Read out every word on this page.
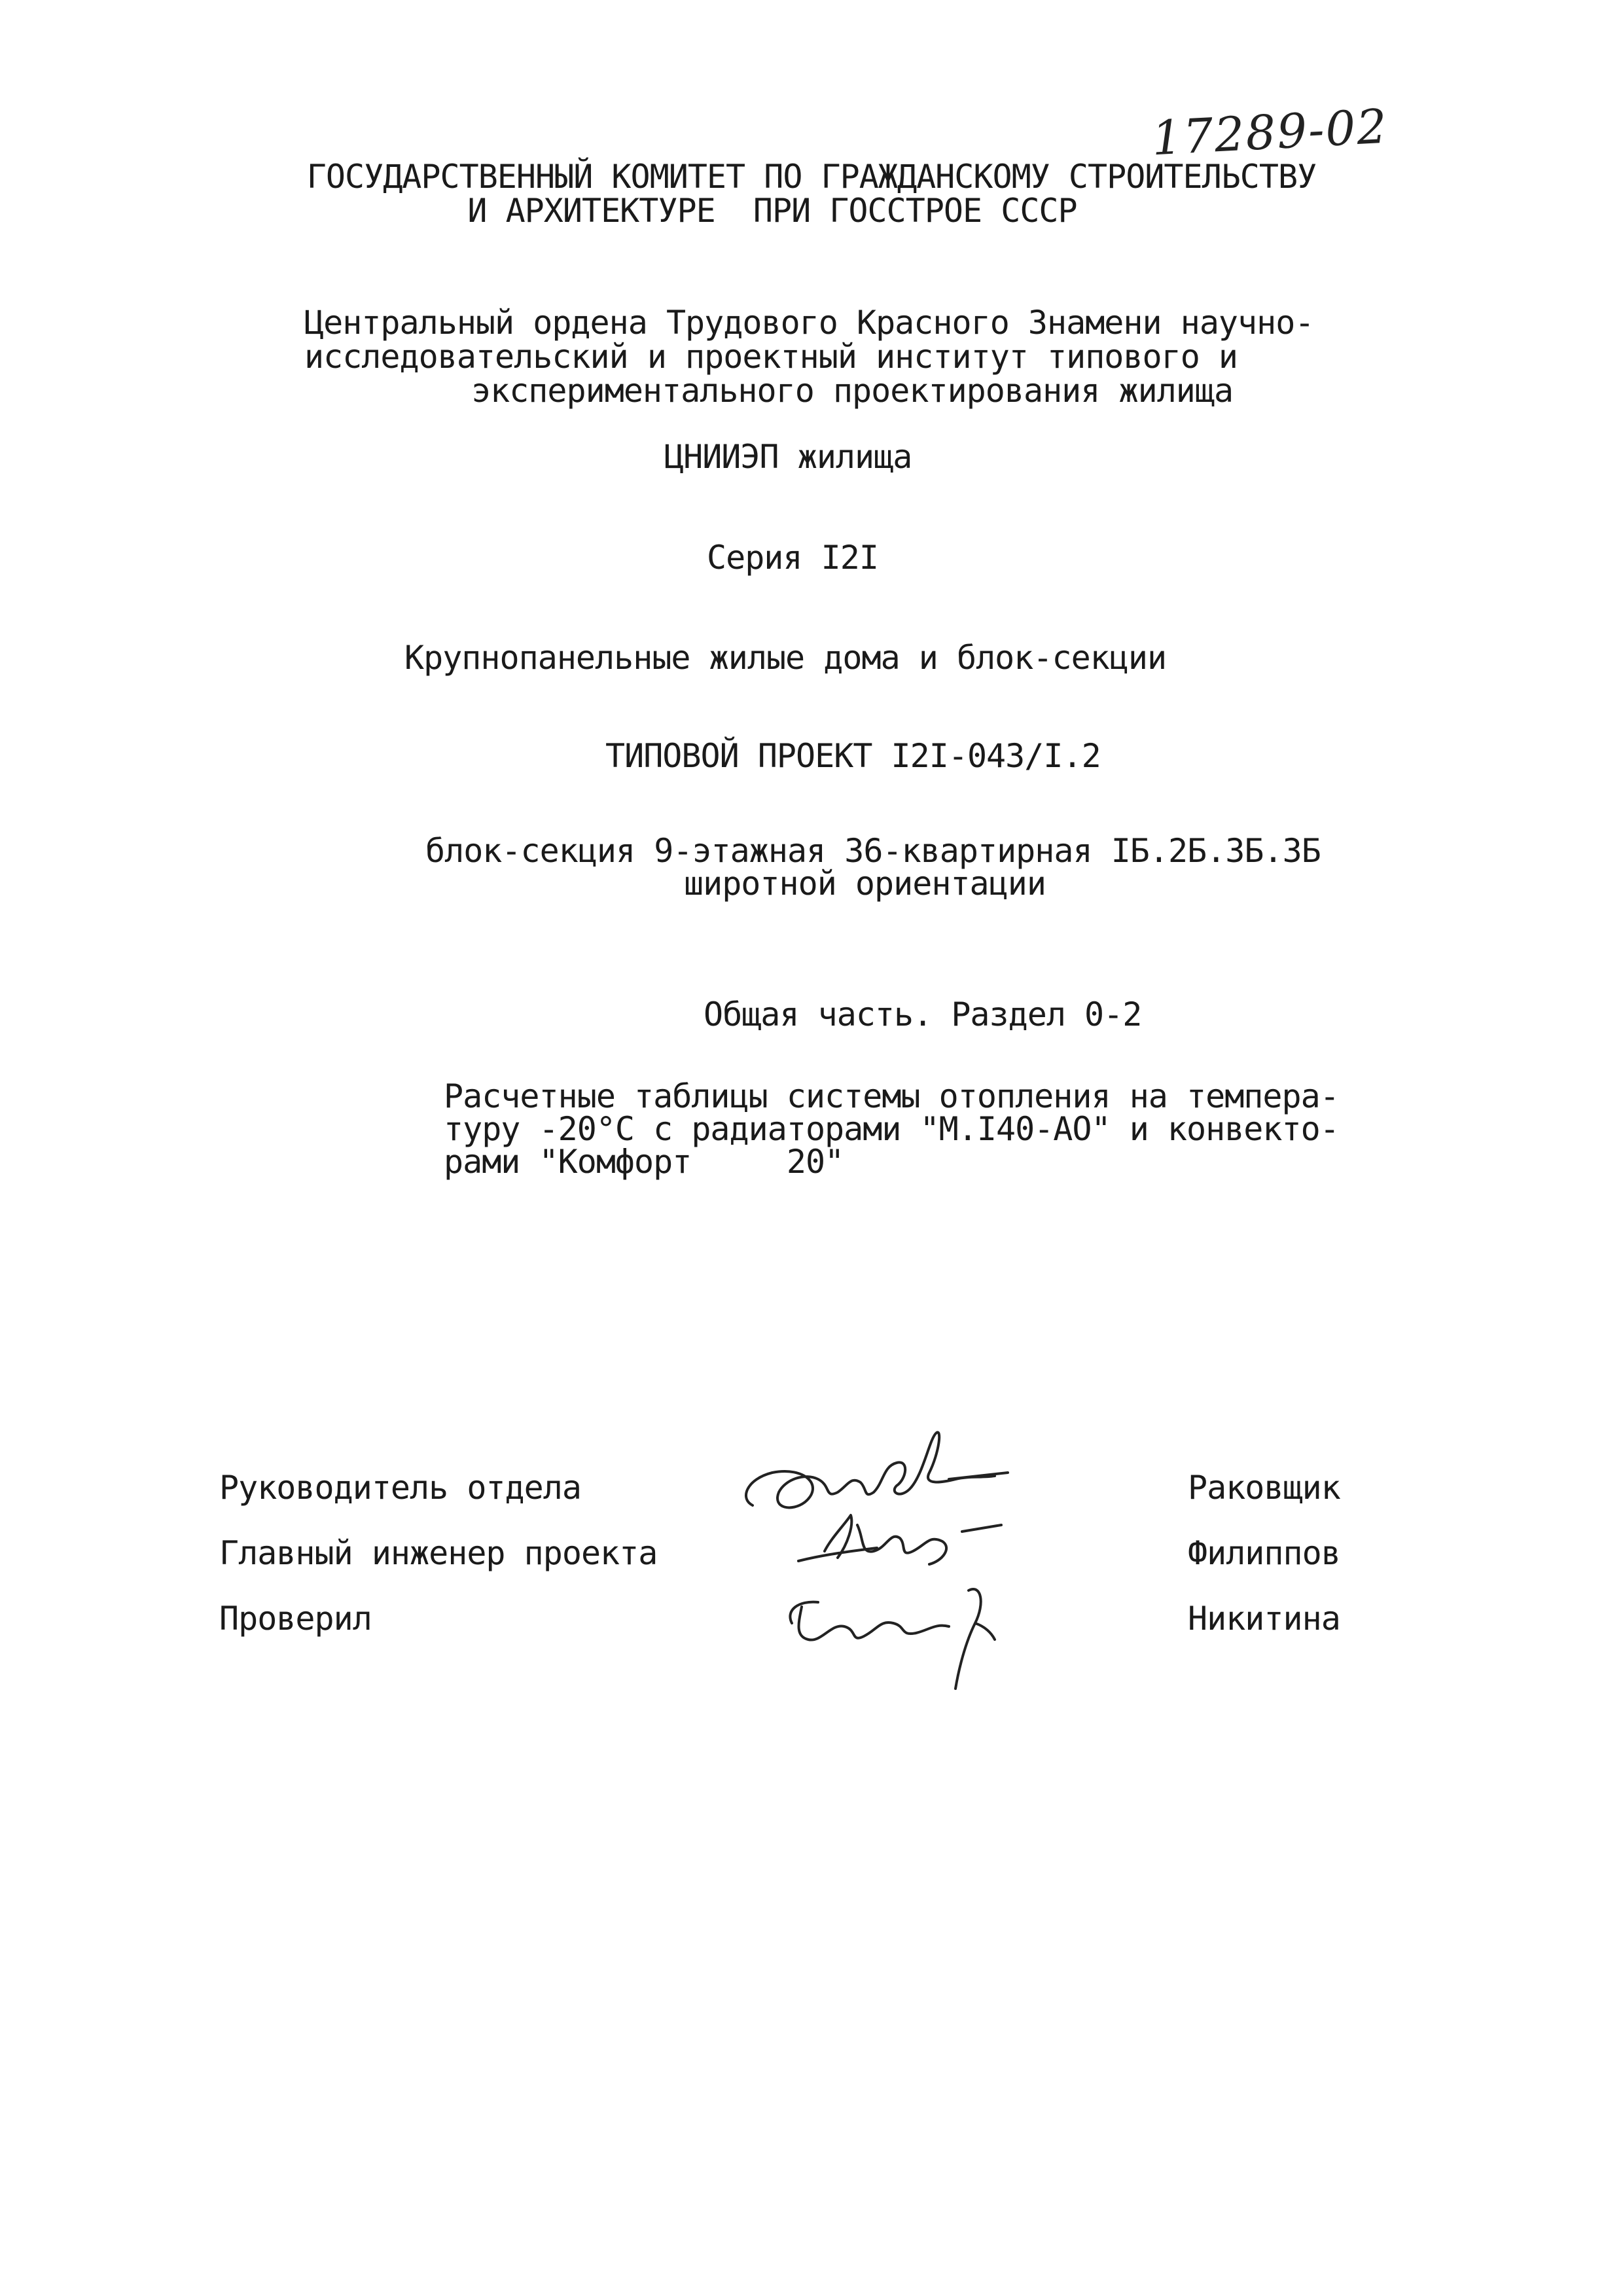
17289-02
ГОСУДАРСТВЕННЫЙ КОМИТЕТ ПО ГРАЖДАНСКОМУ СТРОИТЕЛЬСТВУ
И АРХИТЕКТУРЕ  ПРИ ГОССТРОЕ СССР
Центральный ордена Трудового Красного Знамени научно-
исследовательский и проектный институт типового и
экспериментального проектирования жилища
ЦНИИЭП жилища
Серия I2I
Крупнопанельные жилые дома и блок-секции
ТИПОВОЙ ПРОЕКТ I2I-043/I.2
блок-секция 9-этажная 36-квартирная IБ.2Б.3Б.3Б
широтной ориентации
Общая часть. Раздел 0-2
Расчетные таблицы системы отопления на темпера-
туру -20°С с радиаторами "М.I40-АО" и конвекто-
рами "Комфорт     20"
Руководитель отдела
Главный инженер проекта
Проверил
Раковщик
Филиппов
Никитина
